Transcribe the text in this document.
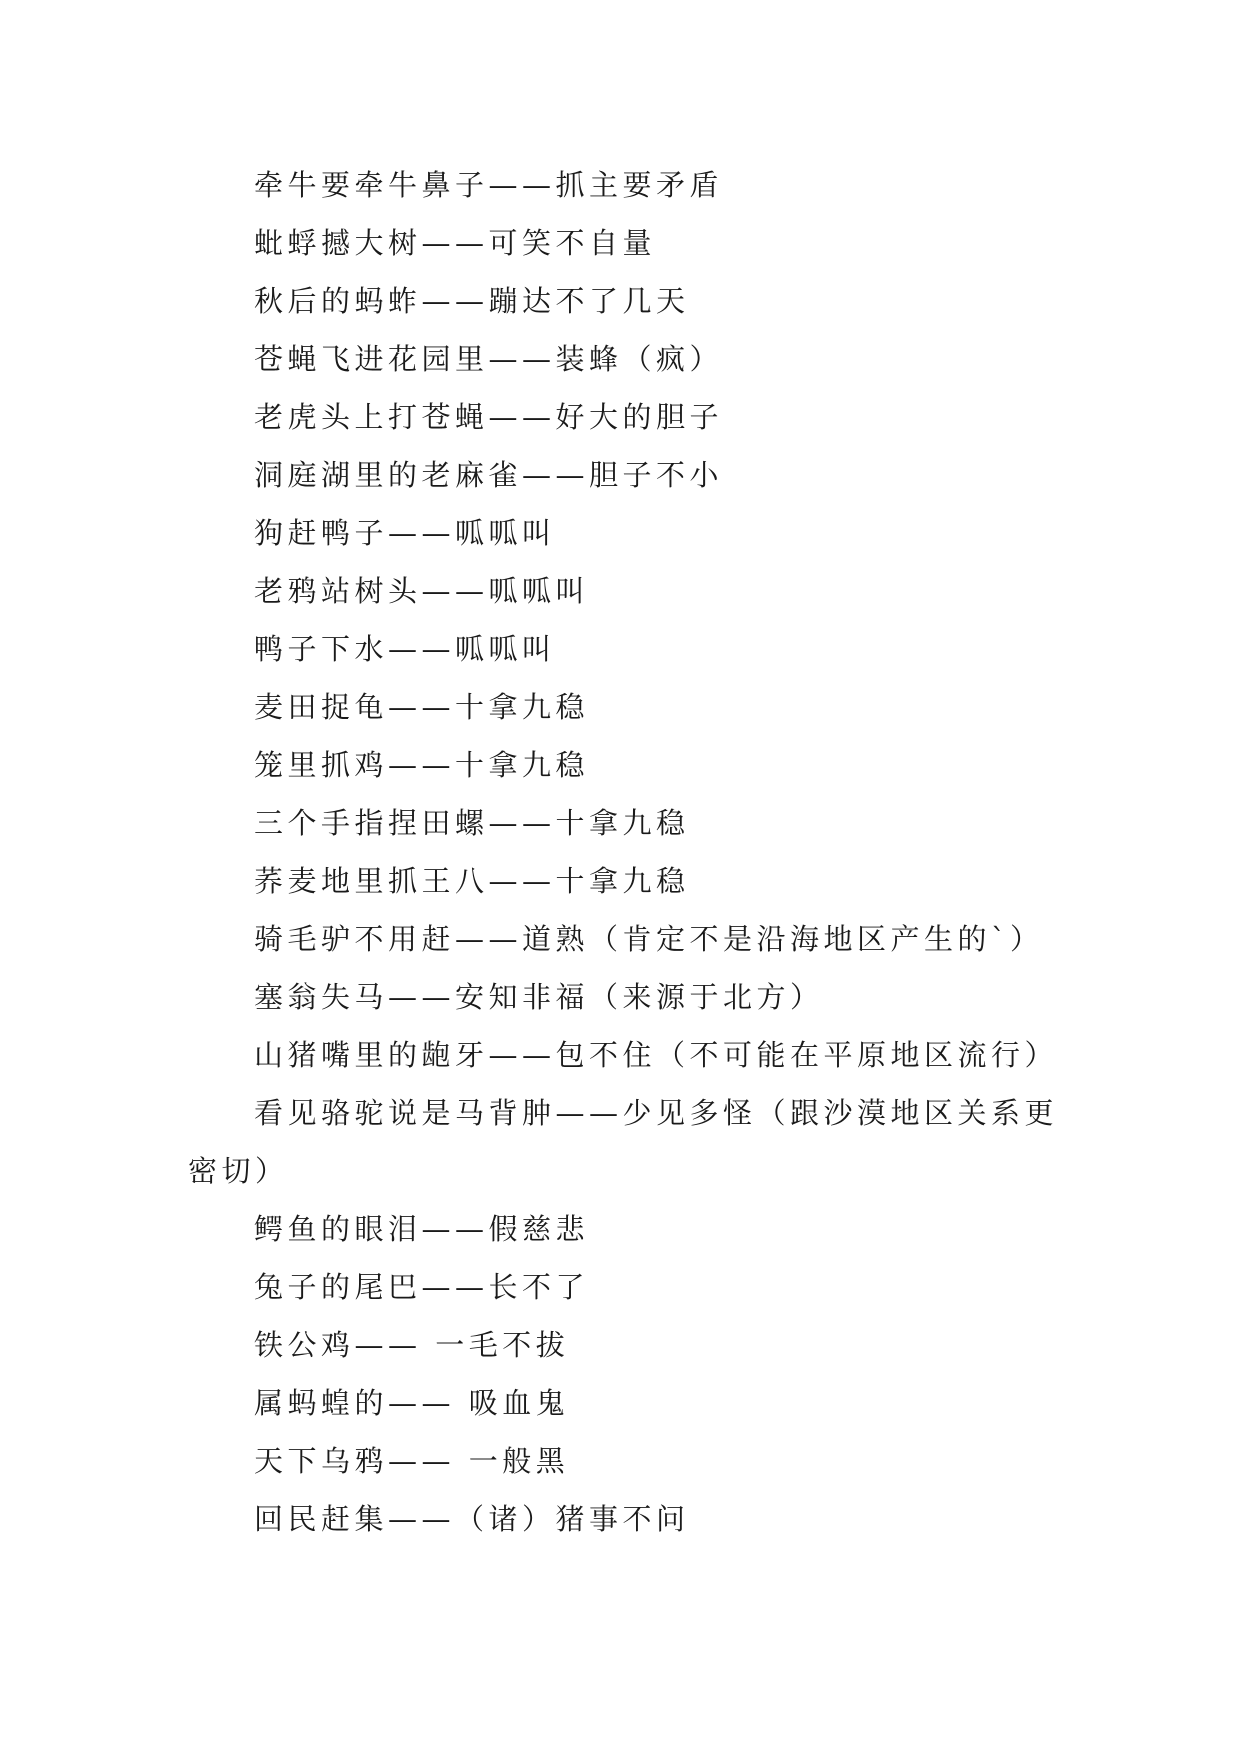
牵牛要牵牛鼻子——抓主要矛盾
蚍蜉撼大树——可笑不自量
秋后的蚂蚱——蹦达不了几天
苍蝇飞进花园里——装蜂（疯）
老虎头上打苍蝇——好大的胆子
洞庭湖里的老麻雀——胆子不小
狗赶鸭子——呱呱叫
老鸦站树头——呱呱叫
鸭子下水——呱呱叫
麦田捉龟——十拿九稳
笼里抓鸡——十拿九稳
三个手指捏田螺——十拿九稳
荞麦地里抓王八——十拿九稳
骑毛驴不用赶——道熟（肯定不是沿海地区产生的`）
塞翁失马——安知非福（来源于北方）
山猪嘴里的龅牙——包不住（不可能在平原地区流行）
看见骆驼说是马背肿——少见多怪（跟沙漠地区关系更
密切）
鳄鱼的眼泪——假慈悲
兔子的尾巴——长不了
铁公鸡—— 一毛不拔
属蚂蝗的—— 吸血鬼
天下乌鸦—— 一般黑
回民赶集——（诸）猪事不问
